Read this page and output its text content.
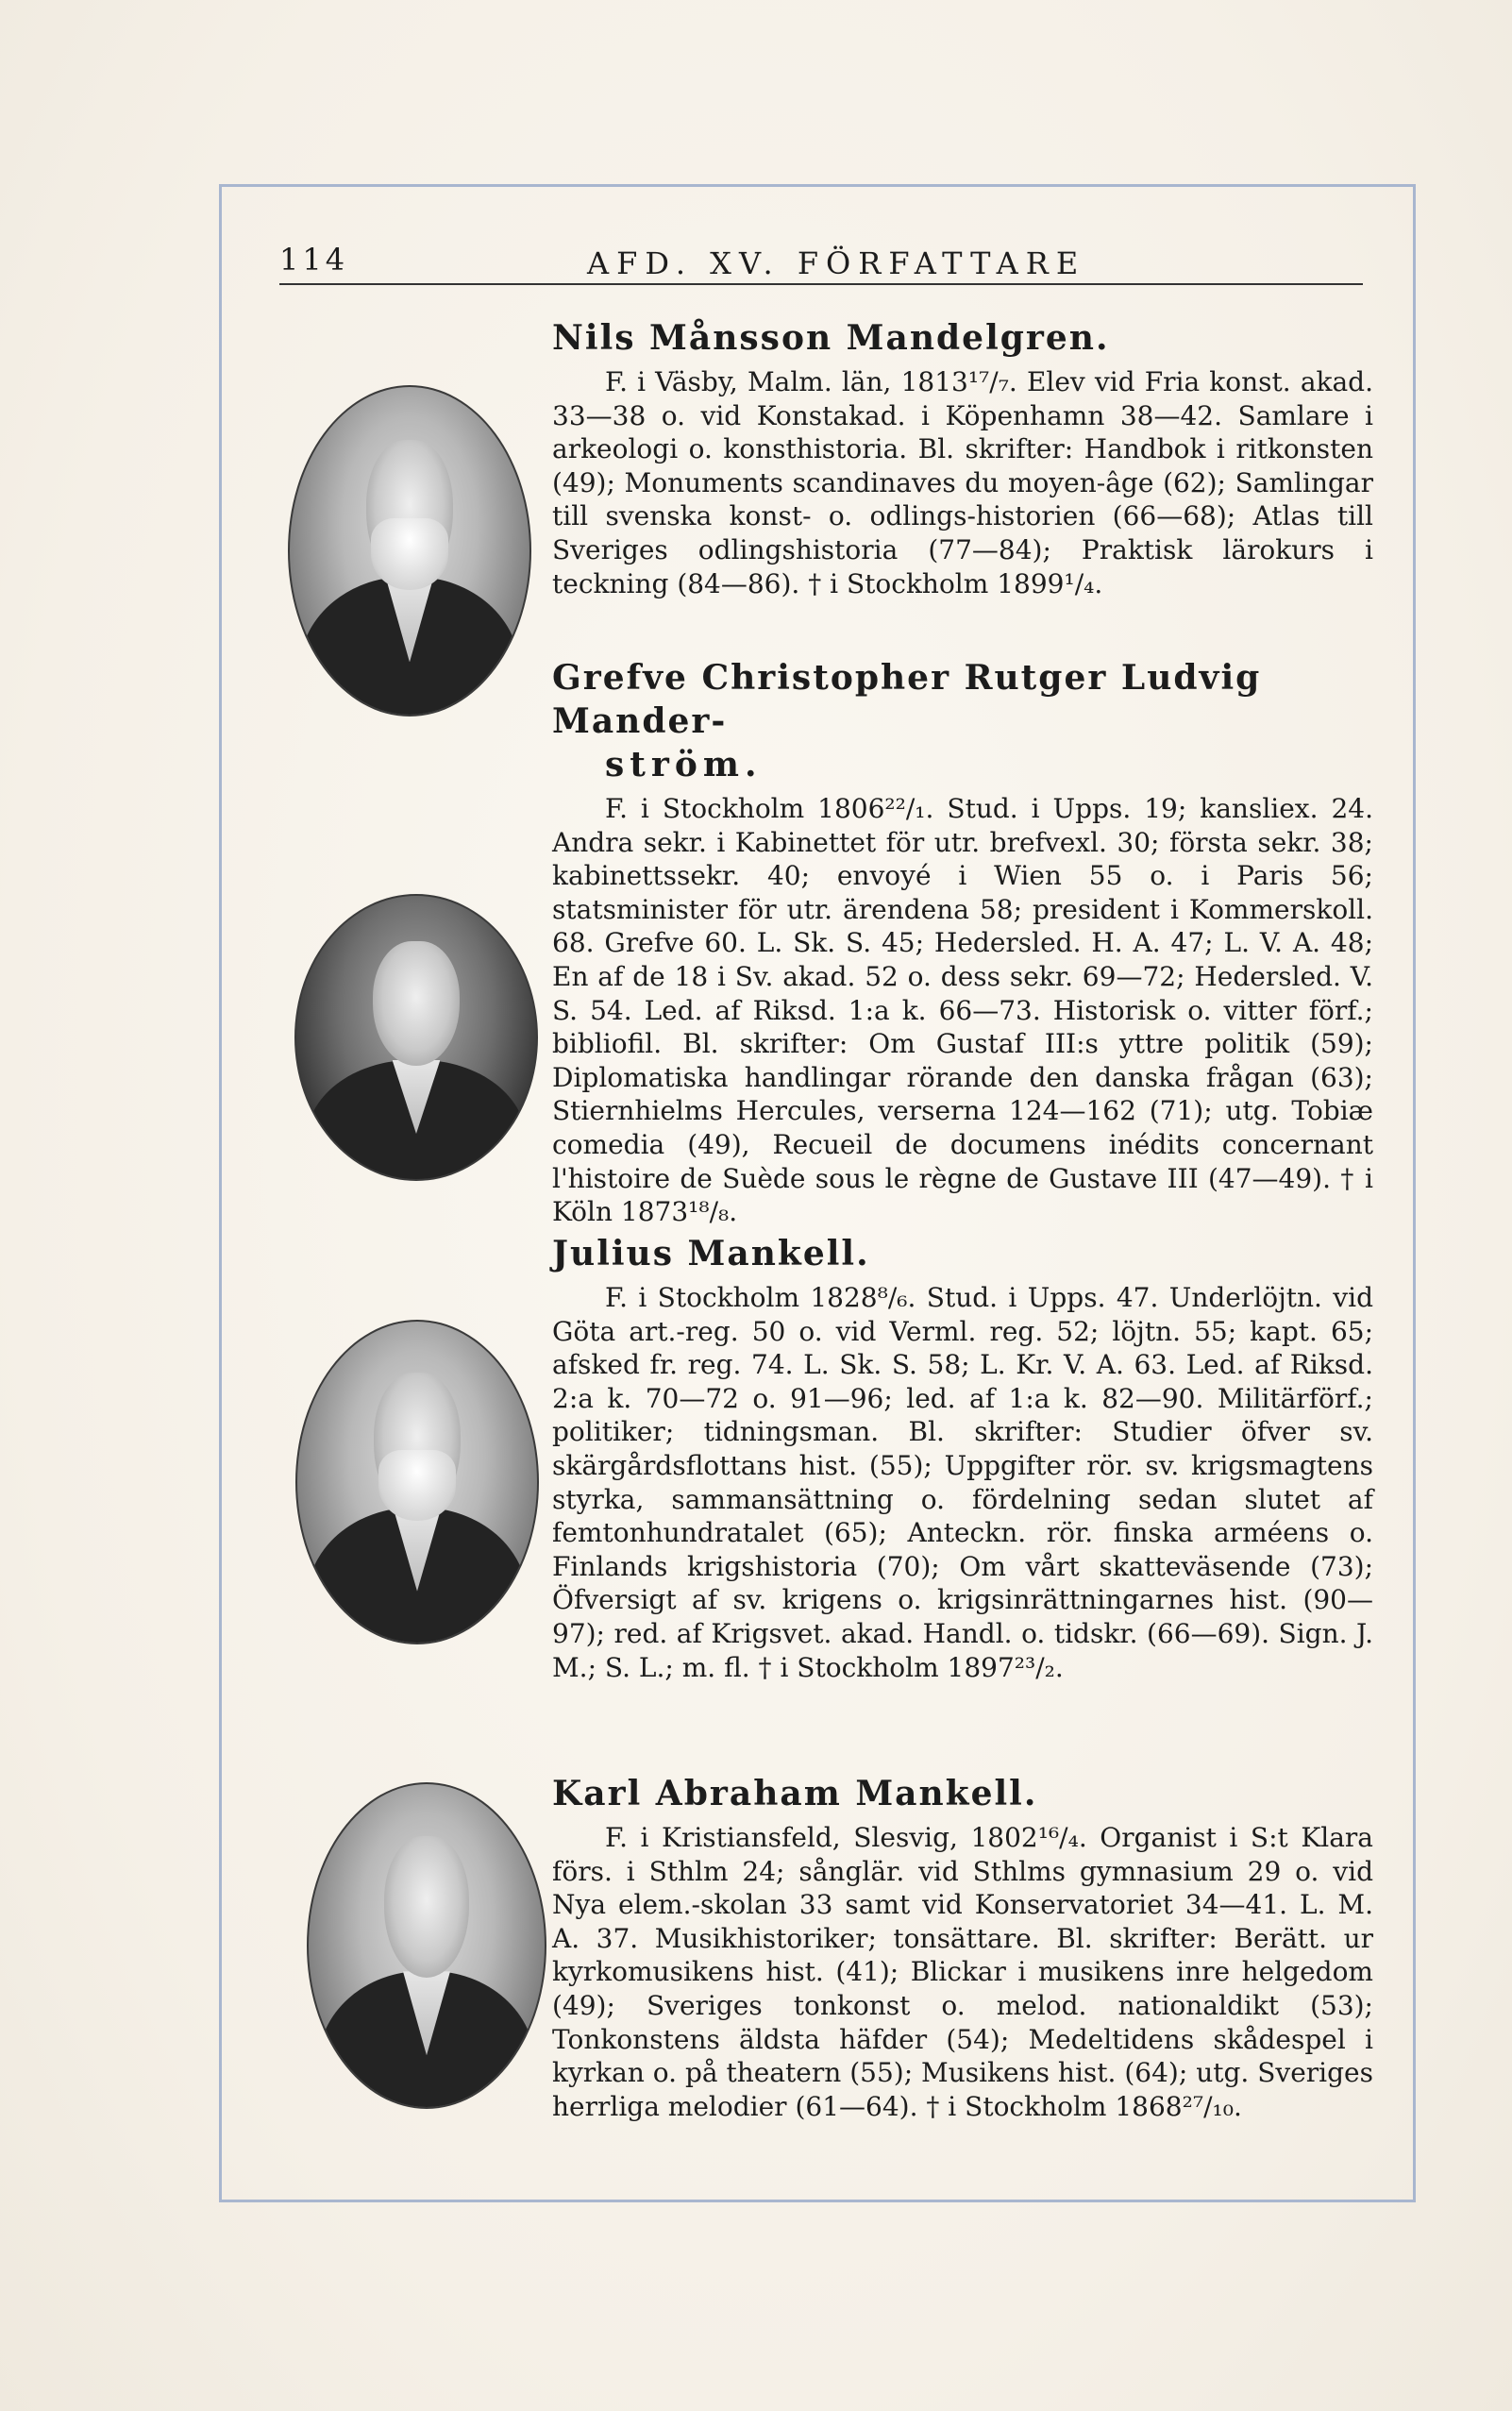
114	AFD. XV. FÖRFATTARE
Nils Månsson Mandelgren.

F. i Väsby, Malm. län, 1813¹⁷/₇. Elev vid Fria konst. akad. 33—38 o. vid Konstakad. i Köpenhamn 38—42. Samlare i arkeologi o. konsthistoria. Bl. skrifter: Handbok i ritkonsten (49); Monuments scandinaves du moyen-âge (62); Samlingar till svenska konst- o. odlings-historien (66—68); Atlas till Sveriges odlingshistoria (77—84); Praktisk lärokurs i teckning (84—86). † i Stockholm 1899¹/₄.

Grefve Christopher Rutger Ludvig Mander-
ström.

F. i Stockholm 1806²²/₁. Stud. i Upps. 19; kansliex. 24. Andra sekr. i Kabinettet för utr. brefvexl. 30; första sekr. 38; kabinettssekr. 40; envoyé i Wien 55 o. i Paris 56; statsminister för utr. ärendena 58; president i Kommerskoll. 68. Grefve 60. L. Sk. S. 45; Hedersled. H. A. 47; L. V. A. 48; En af de 18 i Sv. akad. 52 o. dess sekr. 69—72; Hedersled. V. S. 54. Led. af Riksd. 1:a k. 66—73. Historisk o. vitter förf.; bibliofil. Bl. skrifter: Om Gustaf III:s yttre politik (59); Diplomatiska handlingar rörande den danska frågan (63); Stiernhielms Hercules, verserna 124—162 (71); utg. Tobiæ comedia (49), Recueil de documens inédits concernant l'histoire de Suède sous le règne de Gustave III (47—49). † i Köln 1873¹⁸/₈.

Julius Mankell.

F. i Stockholm 1828⁸/₆. Stud. i Upps. 47. Underlöjtn. vid Göta art.-reg. 50 o. vid Verml. reg. 52; löjtn. 55; kapt. 65; afsked fr. reg. 74. L. Sk. S. 58; L. Kr. V. A. 63. Led. af Riksd. 2:a k. 70—72 o. 91—96; led. af 1:a k. 82—90. Militärförf.; politiker; tidningsman. Bl. skrifter: Studier öfver sv. skärgårdsflottans hist. (55); Uppgifter rör. sv. krigsmagtens styrka, sammansättning o. fördelning sedan slutet af femtonhundratalet (65); Anteckn. rör. finska arméens o. Finlands krigshistoria (70); Om vårt skatteväsende (73); Öfversigt af sv. krigens o. krigsinrättningarnes hist. (90—97); red. af Krigsvet. akad. Handl. o. tidskr. (66—69). Sign. J. M.; S. L.; m. fl. † i Stockholm 1897²³/₂.

Karl Abraham Mankell.

F. i Kristiansfeld, Slesvig, 1802¹⁶/₄. Organist i S:t Klara förs. i Sthlm 24; sånglär. vid Sthlms gymnasium 29 o. vid Nya elem.-skolan 33 samt vid Konservatoriet 34—41. L. M. A. 37. Musikhistoriker; tonsättare. Bl. skrifter: Berätt. ur kyrkomusikens hist. (41); Blickar i musikens inre helgedom (49); Sveriges tonkonst o. melod. nationaldikt (53); Tonkonstens äldsta häfder (54); Medeltidens skådespel i kyrkan o. på theatern (55); Musikens hist. (64); utg. Sveriges herrliga melodier (61—64). † i Stockholm 1868²⁷/₁₀.
